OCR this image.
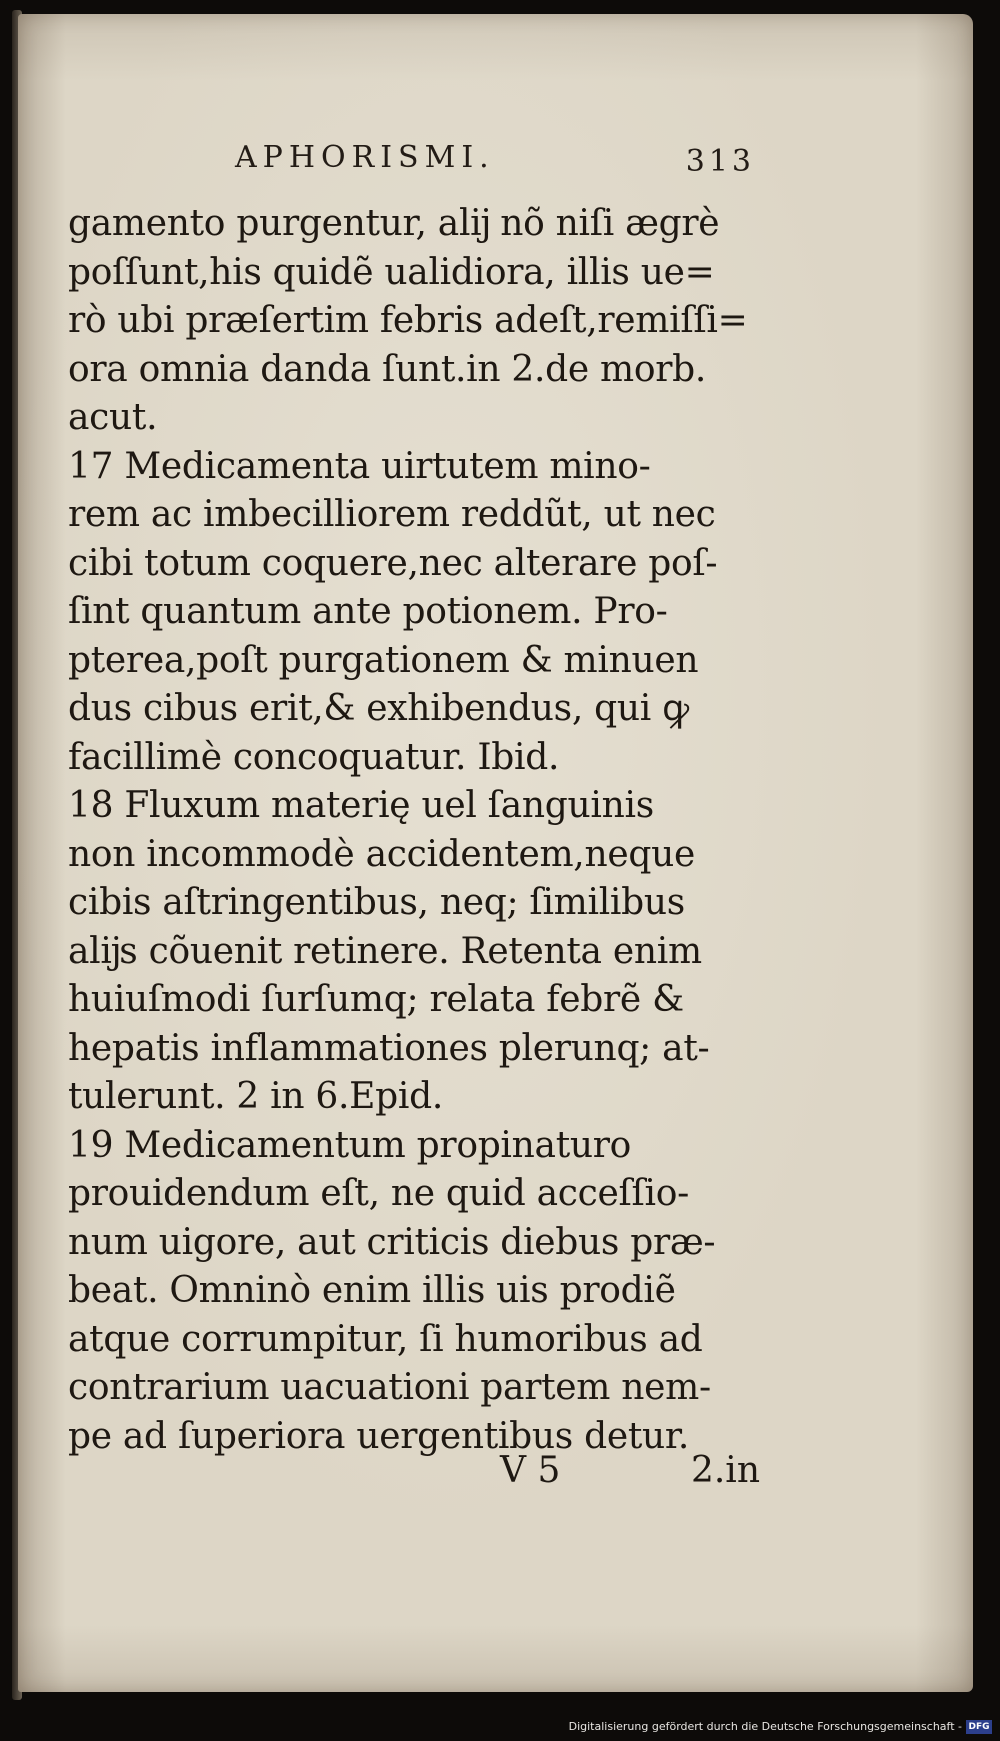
APHORISMI.	313
gamento purgentur, alĳ nõ niſi ægrè
poſſunt,his quidẽ ualidiora, illis ue=
rò ubi præſertim febris adeſt,remiſſi=
ora omnia danda ſunt.in 2.de morb.
acut.
17 Medicamenta uirtutem mino-
rem ac imbecilliorem reddũt, ut nec
cibi totum coquere,nec alterare poſ-
ſint quantum ante potionem. Pro-
pterea,poſt purgationem & minuen
dus cibus erit,& exhibendus, qui ꝙ
facillimè concoquatur. Ibid.
18 Fluxum materię uel ſanguinis
non incommodè accidentem,neque
cibis aſtringentibus, neq; ſimilibus
alĳs cõuenit retinere. Retenta enim
huiuſmodi ſurſumq; relata febrẽ &
hepatis inflammationes plerunq; at-
tulerunt. 2 in 6.Epid.
19 Medicamentum propinaturo
prouidendum eſt, ne quid acceſſio-
num uigore, aut criticis diebus præ-
beat. Omninò enim illis uis prodiẽ
atque corrumpitur, ſi humoribus ad
contrarium uacuationi partem nem-
pe ad ſuperiora uergentibus detur.
V 5	2.in
Digitalisierung gefördert durch die Deutsche Forschungsgemeinschaft - DFG
